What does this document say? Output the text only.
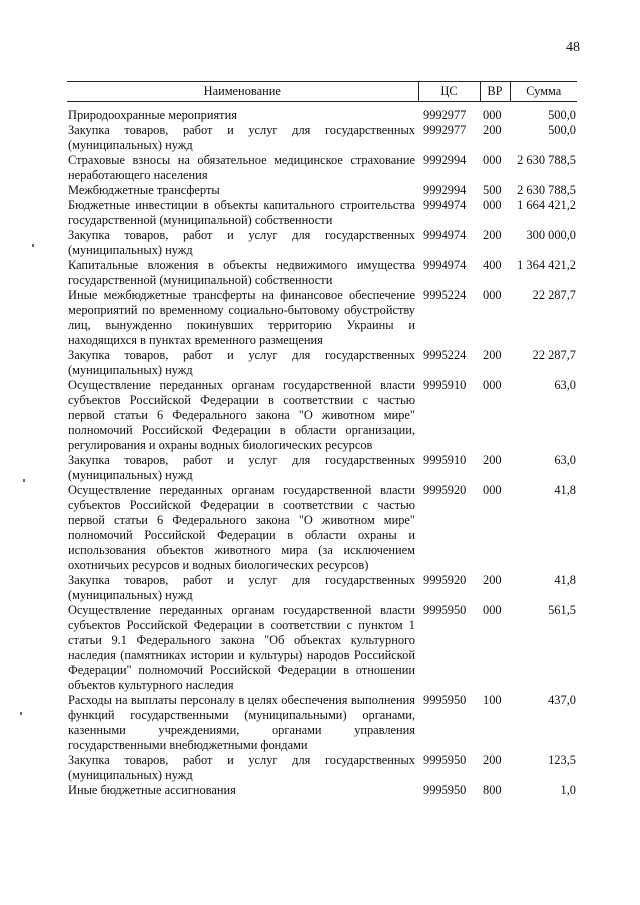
48
Наименование	ЦС	ВР	Сумма
Природоохранные мероприятия	9992977	000	500,0
Закупка товаров, работ и услуг для государственных (муниципальных) нужд	9992977	200	500,0
Страховые взносы на обязательное медицинское страхование неработающего населения	9992994	000	2 630 788,5
Межбюджетные трансферты	9992994	500	2 630 788,5
Бюджетные инвестиции в объекты капитального строительства государственной (муниципальной) собственности	9994974	000	1 664 421,2
Закупка товаров, работ и услуг для государственных (муниципальных) нужд	9994974	200	300 000,0
Капитальные вложения в объекты недвижимого имущества государственной (муниципальной) собственности	9994974	400	1 364 421,2
Иные межбюджетные трансферты на финансовое обеспечение мероприятий по временному социально-бытовому обустройству лиц, вынужденно покинувших территорию Украины и находящихся в пунктах временного размещения	9995224	000	22 287,7
Закупка товаров, работ и услуг для государственных (муниципальных) нужд	9995224	200	22 287,7
Осуществление переданных органам государственной власти субъектов Российской Федерации в соответствии с частью первой статьи 6 Федерального закона "О животном мире" полномочий Российской Федерации в области организации, регулирования и охраны водных биологических ресурсов	9995910	000	63,0
Закупка товаров, работ и услуг для государственных (муниципальных) нужд	9995910	200	63,0
Осуществление переданных органам государственной власти субъектов Российской Федерации в соответствии с частью первой статьи 6 Федерального закона "О животном мире" полномочий Российской Федерации в области охраны и использования объектов животного мира (за исключением охотничьих ресурсов и водных биологических ресурсов)	9995920	000	41,8
Закупка товаров, работ и услуг для государственных (муниципальных) нужд	9995920	200	41,8
Осуществление переданных органам государственной власти субъектов Российской Федерации в соответствии с пунктом 1 статьи 9.1 Федерального закона "Об объектах культурного наследия (памятниках истории и культуры) народов Российской Федерации" полномочий Российской Федерации в отношении объектов культурного наследия	9995950	000	561,5
Расходы на выплаты персоналу в целях обеспечения выполнения функций государственными (муниципальными) органами, казенными учреждениями, органами управления государственными внебюджетными фондами	9995950	100	437,0
Закупка товаров, работ и услуг для государственных (муниципальных) нужд	9995950	200	123,5
Иные бюджетные ассигнования	9995950	800	1,0
